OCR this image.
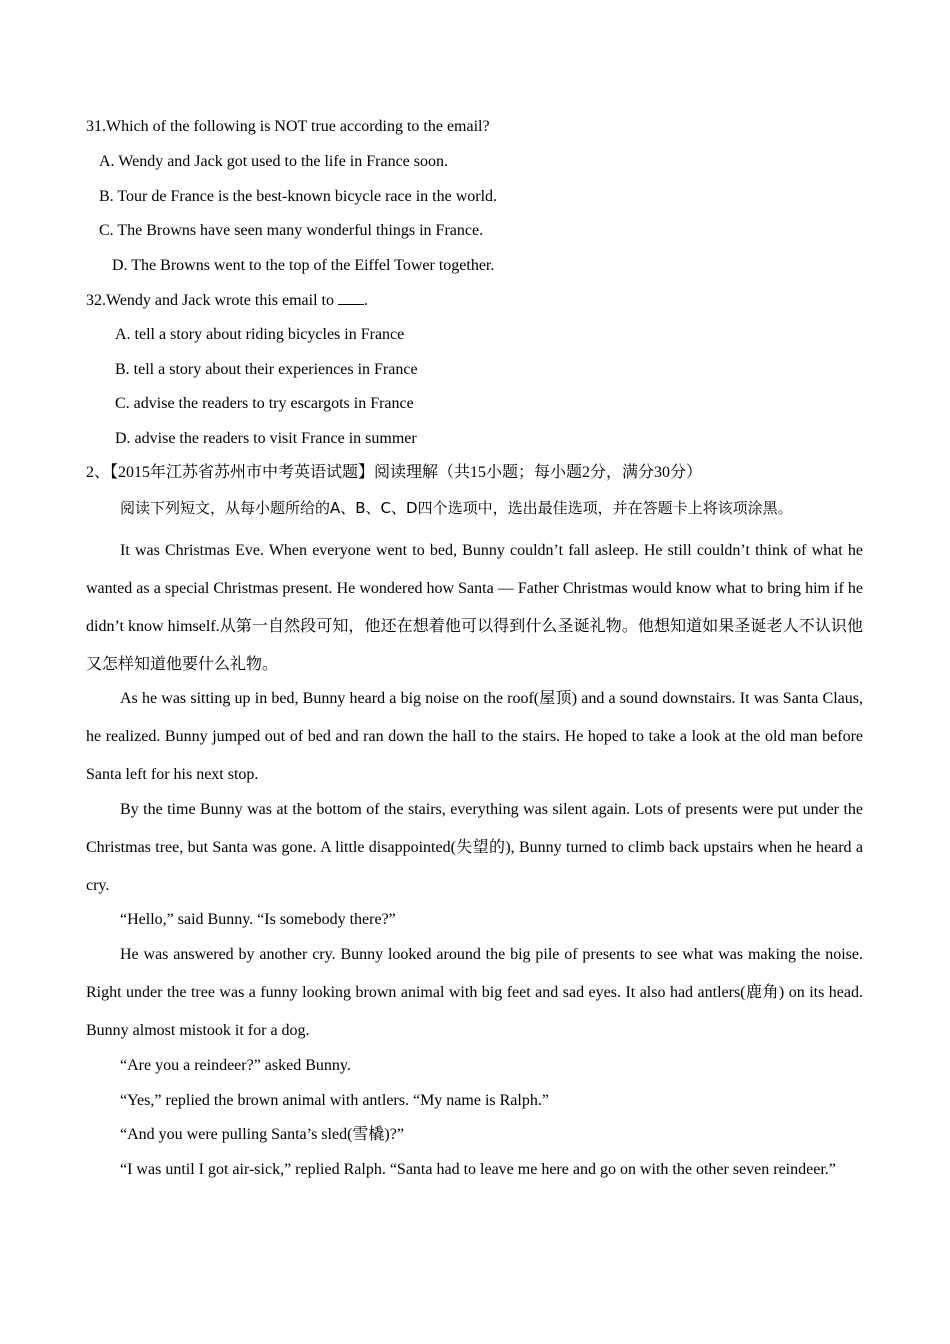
31.Which of the following is NOT true according to the email?
A. Wendy and Jack got used to the life in France soon.
B. Tour de France is the best-known bicycle race in the world.
C. The Browns have seen many wonderful things in France.
D. The Browns went to the top of the Eiffel Tower together.
32.Wendy and Jack wrote this email to .
A. tell a story about riding bicycles in France
B. tell a story about their experiences in France
C. advise the readers to try escargots in France
D. advise the readers to visit France in summer
2、【2015年江苏省苏州市中考英语试题】阅读理解（共15小题；每小题2分，满分30分）
阅读下列短文，从每小题所给的A、B、C、D四个选项中，选出最佳选项，并在答题卡上将该项涂黑。
It was Christmas Eve. When everyone went to bed, Bunny couldn’t fall asleep. He still couldn’t think of what he wanted as a special Christmas present. He wondered how Santa — Father Christmas would know what to bring him if he didn’t know himself.从第一自然段可知，他还在想着他可以得到什么圣诞礼物。他想知道如果圣诞老人不认识他又怎样知道他要什么礼物。
As he was sitting up in bed, Bunny heard a big noise on the roof(屋顶) and a sound downstairs. It was Santa Claus, he realized. Bunny jumped out of bed and ran down the hall to the stairs. He hoped to take a look at the old man before Santa left for his next stop.
By the time Bunny was at the bottom of the stairs, everything was silent again. Lots of presents were put under the Christmas tree, but Santa was gone. A little disappointed(失望的), Bunny turned to climb back upstairs when he heard a cry.
“Hello,” said Bunny. “Is somebody there?”
He was answered by another cry. Bunny looked around the big pile of presents to see what was making the noise. Right under the tree was a funny looking brown animal with big feet and sad eyes. It also had antlers(鹿角) on its head. Bunny almost mistook it for a dog.
“Are you a reindeer?” asked Bunny.
“Yes,” replied the brown animal with antlers. “My name is Ralph.”
“And you were pulling Santa’s sled(雪橇)?”
“I was until I got air-sick,” replied Ralph. “Santa had to leave me here and go on with the other seven reindeer.”
